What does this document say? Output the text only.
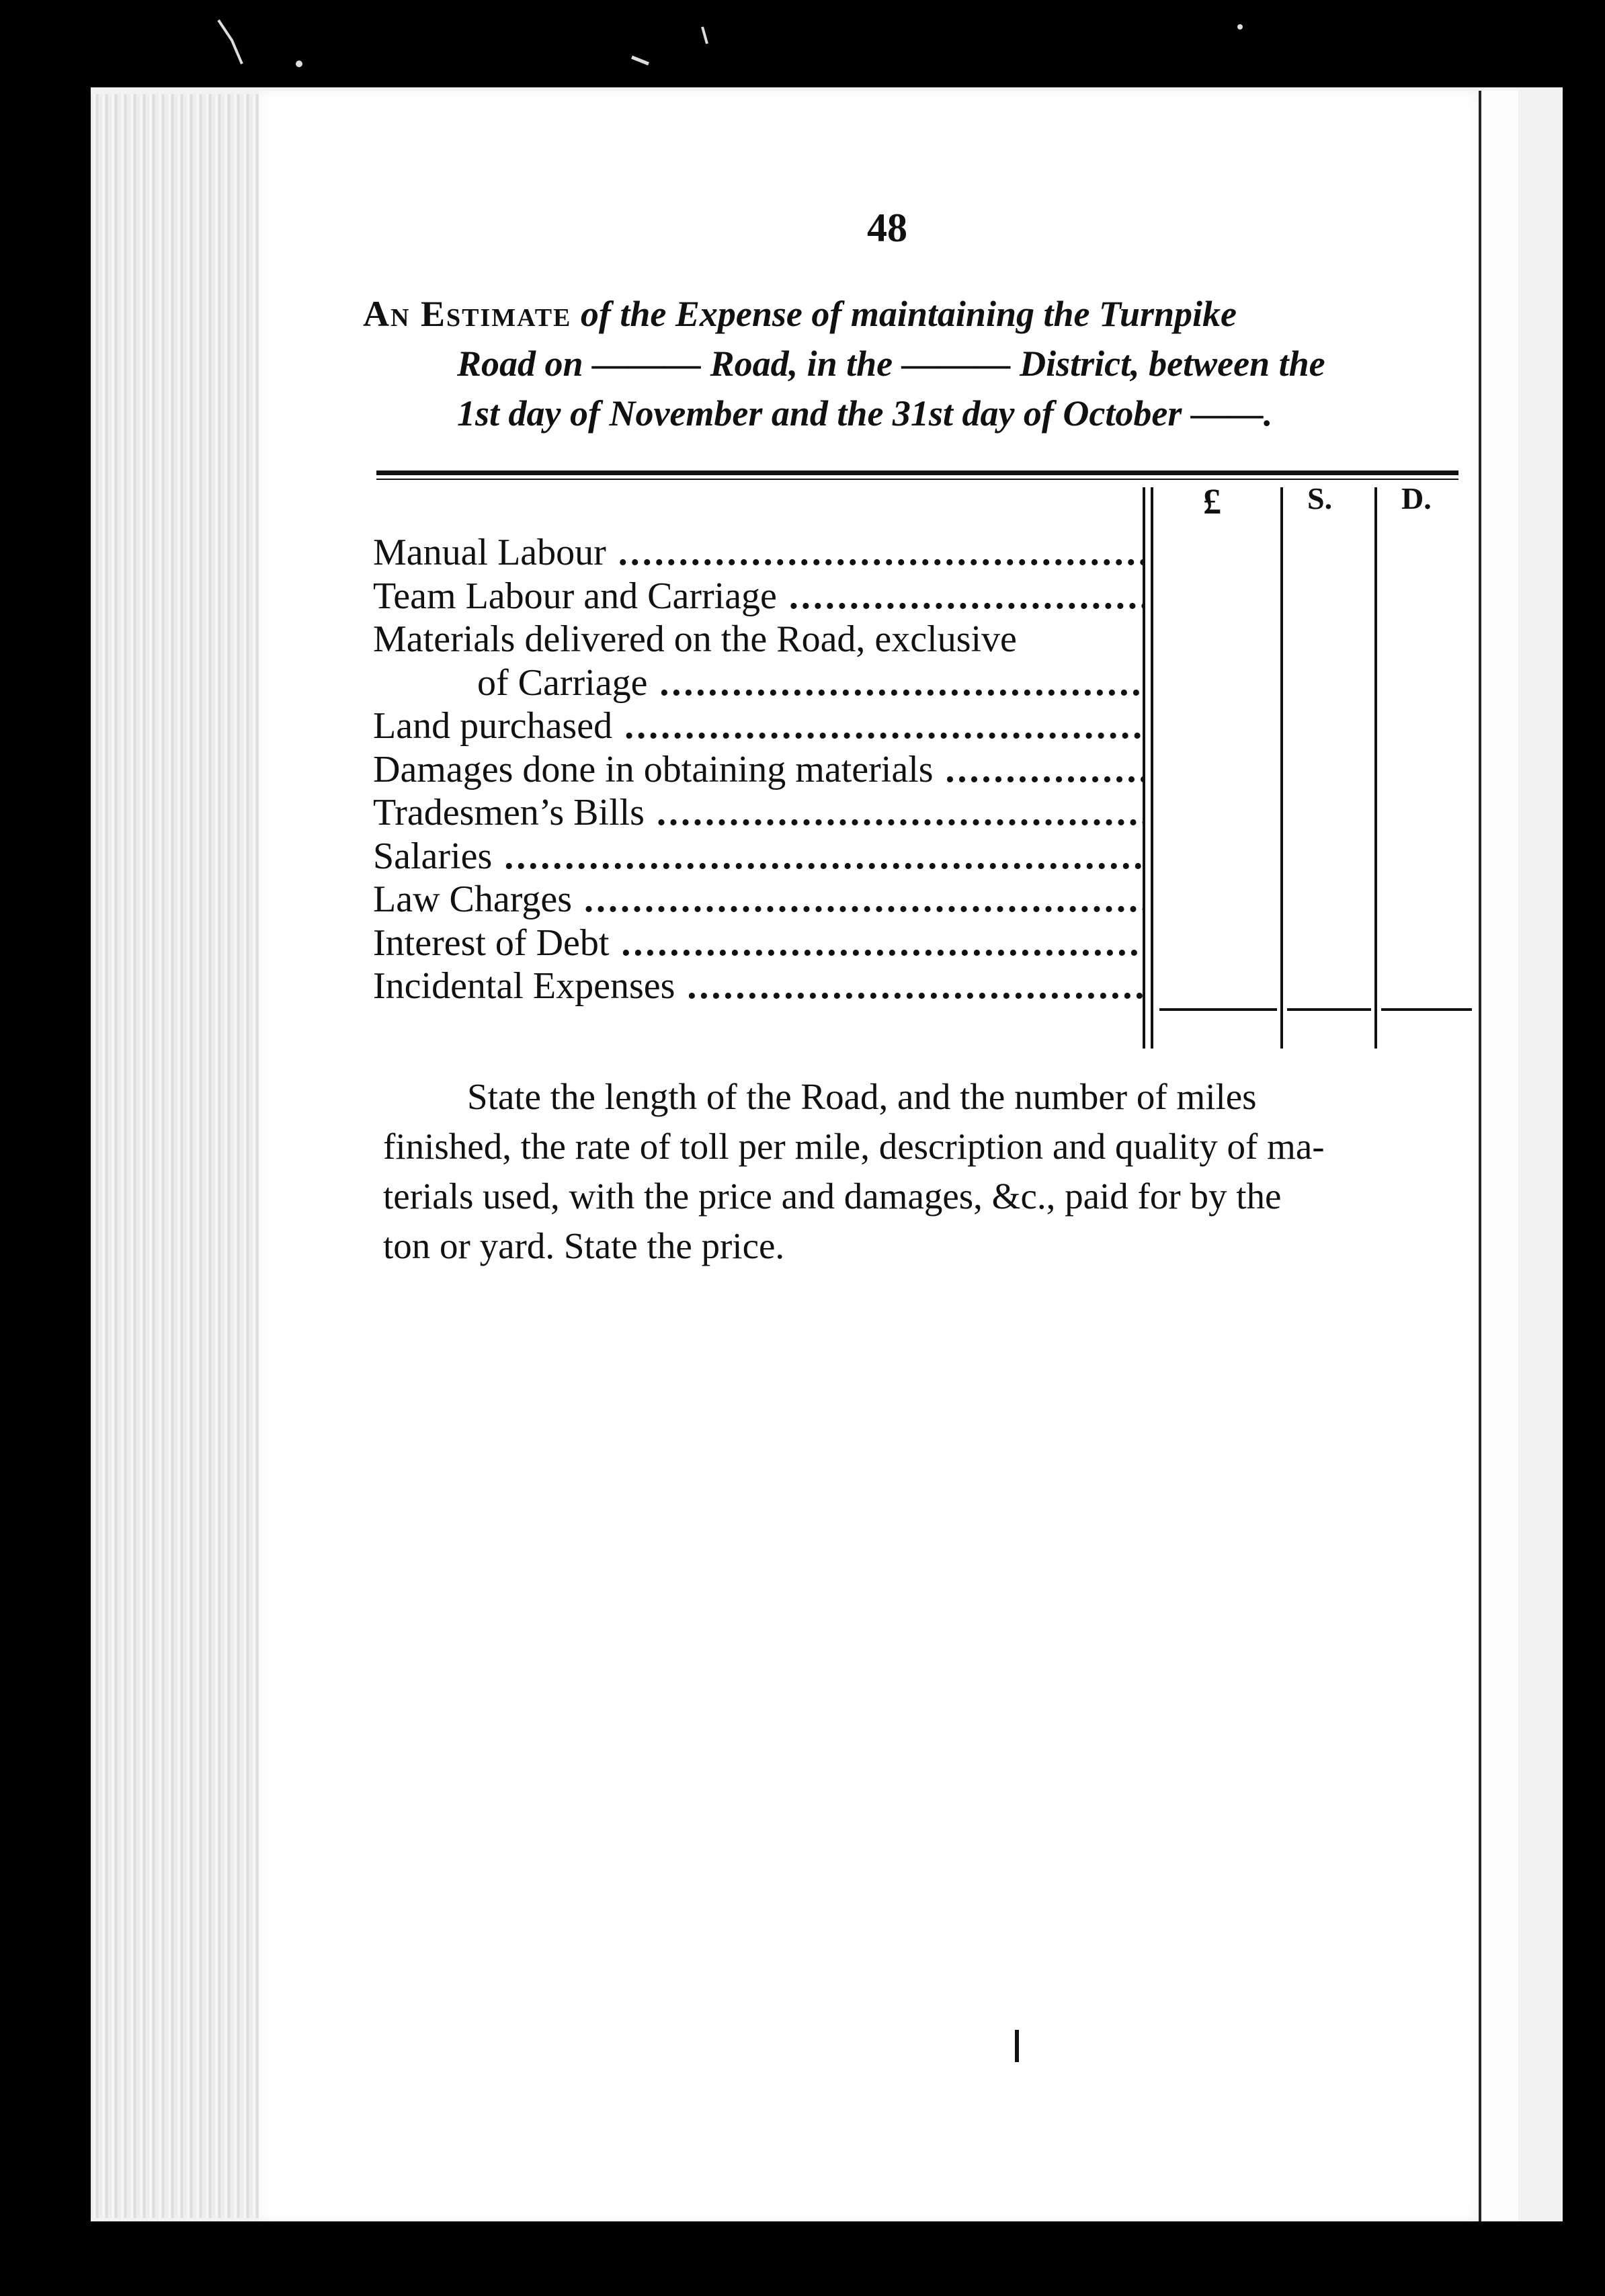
48
An Estimate of the Expense of maintaining the Turnpike
Road on ——— Road, in the ——— District, between the
1st day of November and the 31st day of October ——.
£	S. D.
Manual Labour .....
Team Labour and Carriage .....
Materials delivered on the Road, exclusive
of Carriage .....
Land purchased .....
Damages done in obtaining materials .....
Tradesmen’s Bills .....
Salaries .....
Law Charges .....
Interest of Debt .....
Incidental Expenses .....
State the length of the Road, and the number of miles
finished, the rate of toll per mile, description and quality of ma-
terials used, with the price and damages, &c., paid for by the
ton or yard. State the price.
